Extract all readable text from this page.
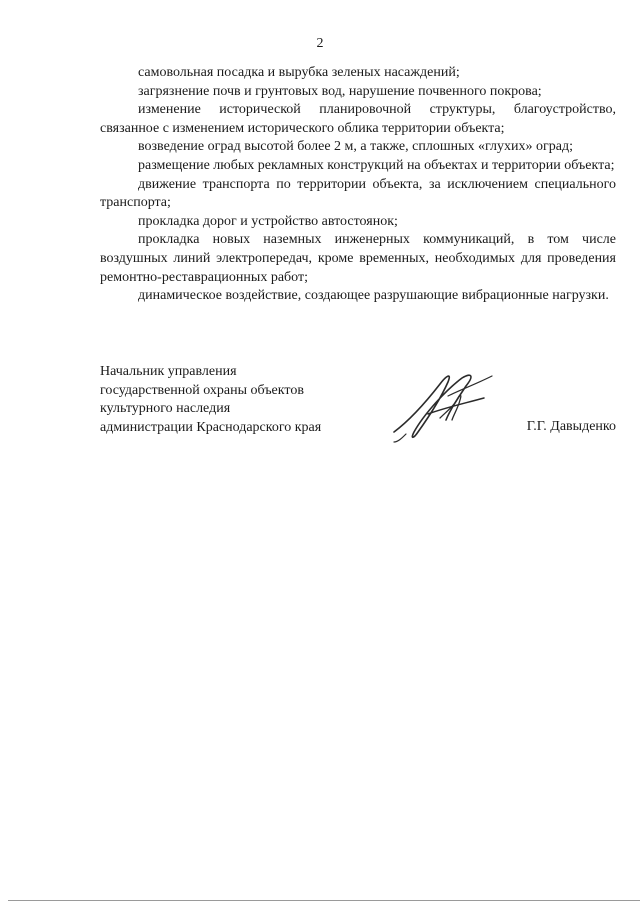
2

самовольная посадка и вырубка зеленых насаждений;

загрязнение почв и грунтовых вод, нарушение почвенного покрова;

изменение исторической планировочной структуры, благоустройство, связанное с изменением исторического облика территории объекта;

возведение оград высотой более 2 м, а также, сплошных «глухих» оград;

размещение любых рекламных конструкций на объектах и территории объекта;

движение транспорта по территории объекта, за исключением специального транспорта;

прокладка дорог и устройство автостоянок;

прокладка новых наземных инженерных коммуникаций, в том числе воздушных линий электропередач, кроме временных, необходимых для проведения ремонтно-реставрационных работ;

динамическое воздействие, создающее разрушающие вибрационные нагрузки.

Начальник управления
государственной охраны объектов
культурного наследия
администрации Краснодарского края	Г.Г. Давыденко
